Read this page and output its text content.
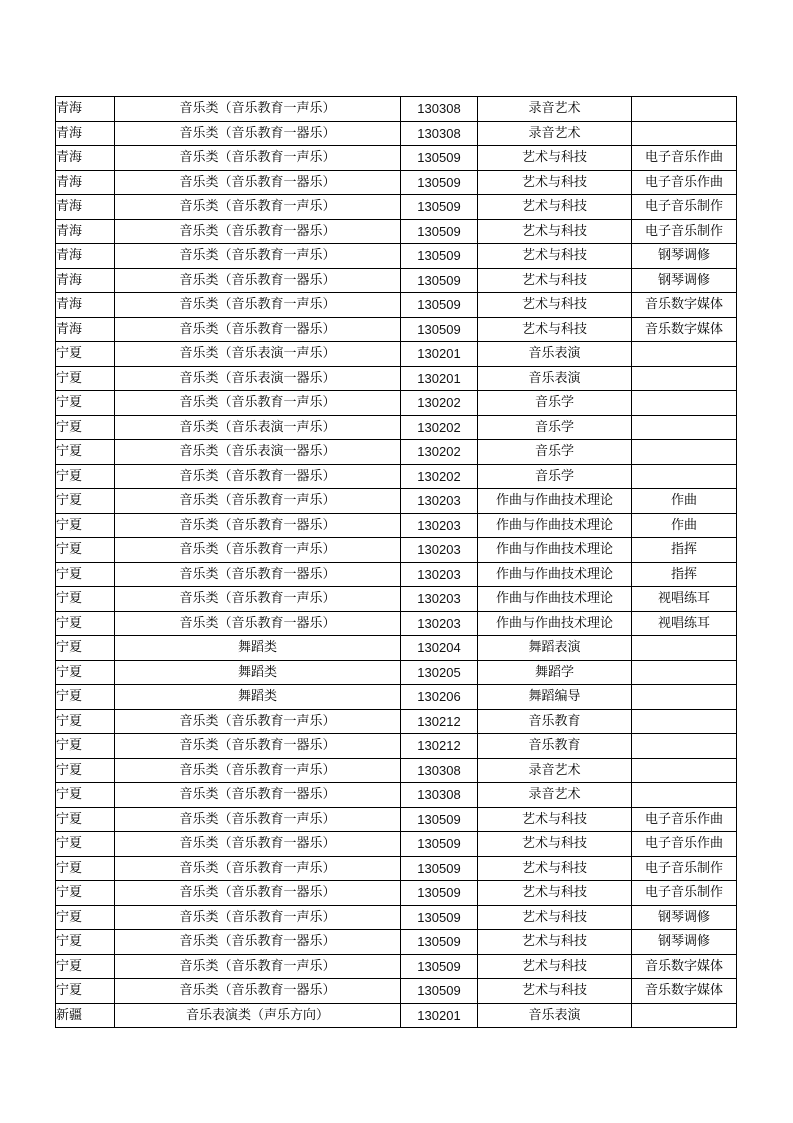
青海	音乐类（音乐教育一声乐）	130308	录音艺术	
青海	音乐类（音乐教育一器乐）	130308	录音艺术	
青海	音乐类（音乐教育一声乐）	130509	艺术与科技	电子音乐作曲
青海	音乐类（音乐教育一器乐）	130509	艺术与科技	电子音乐作曲
青海	音乐类（音乐教育一声乐）	130509	艺术与科技	电子音乐制作
青海	音乐类（音乐教育一器乐）	130509	艺术与科技	电子音乐制作
青海	音乐类（音乐教育一声乐）	130509	艺术与科技	钢琴调修
青海	音乐类（音乐教育一器乐）	130509	艺术与科技	钢琴调修
青海	音乐类（音乐教育一声乐）	130509	艺术与科技	音乐数字媒体
青海	音乐类（音乐教育一器乐）	130509	艺术与科技	音乐数字媒体
宁夏	音乐类（音乐表演一声乐）	130201	音乐表演	
宁夏	音乐类（音乐表演一器乐）	130201	音乐表演	
宁夏	音乐类（音乐教育一声乐）	130202	音乐学	
宁夏	音乐类（音乐表演一声乐）	130202	音乐学	
宁夏	音乐类（音乐表演一器乐）	130202	音乐学	
宁夏	音乐类（音乐教育一器乐）	130202	音乐学	
宁夏	音乐类（音乐教育一声乐）	130203	作曲与作曲技术理论	作曲
宁夏	音乐类（音乐教育一器乐）	130203	作曲与作曲技术理论	作曲
宁夏	音乐类（音乐教育一声乐）	130203	作曲与作曲技术理论	指挥
宁夏	音乐类（音乐教育一器乐）	130203	作曲与作曲技术理论	指挥
宁夏	音乐类（音乐教育一声乐）	130203	作曲与作曲技术理论	视唱练耳
宁夏	音乐类（音乐教育一器乐）	130203	作曲与作曲技术理论	视唱练耳
宁夏	舞蹈类	130204	舞蹈表演	
宁夏	舞蹈类	130205	舞蹈学	
宁夏	舞蹈类	130206	舞蹈编导	
宁夏	音乐类（音乐教育一声乐）	130212	音乐教育	
宁夏	音乐类（音乐教育一器乐）	130212	音乐教育	
宁夏	音乐类（音乐教育一声乐）	130308	录音艺术	
宁夏	音乐类（音乐教育一器乐）	130308	录音艺术	
宁夏	音乐类（音乐教育一声乐）	130509	艺术与科技	电子音乐作曲
宁夏	音乐类（音乐教育一器乐）	130509	艺术与科技	电子音乐作曲
宁夏	音乐类（音乐教育一声乐）	130509	艺术与科技	电子音乐制作
宁夏	音乐类（音乐教育一器乐）	130509	艺术与科技	电子音乐制作
宁夏	音乐类（音乐教育一声乐）	130509	艺术与科技	钢琴调修
宁夏	音乐类（音乐教育一器乐）	130509	艺术与科技	钢琴调修
宁夏	音乐类（音乐教育一声乐）	130509	艺术与科技	音乐数字媒体
宁夏	音乐类（音乐教育一器乐）	130509	艺术与科技	音乐数字媒体
新疆	音乐表演类（声乐方向）	130201	音乐表演	
